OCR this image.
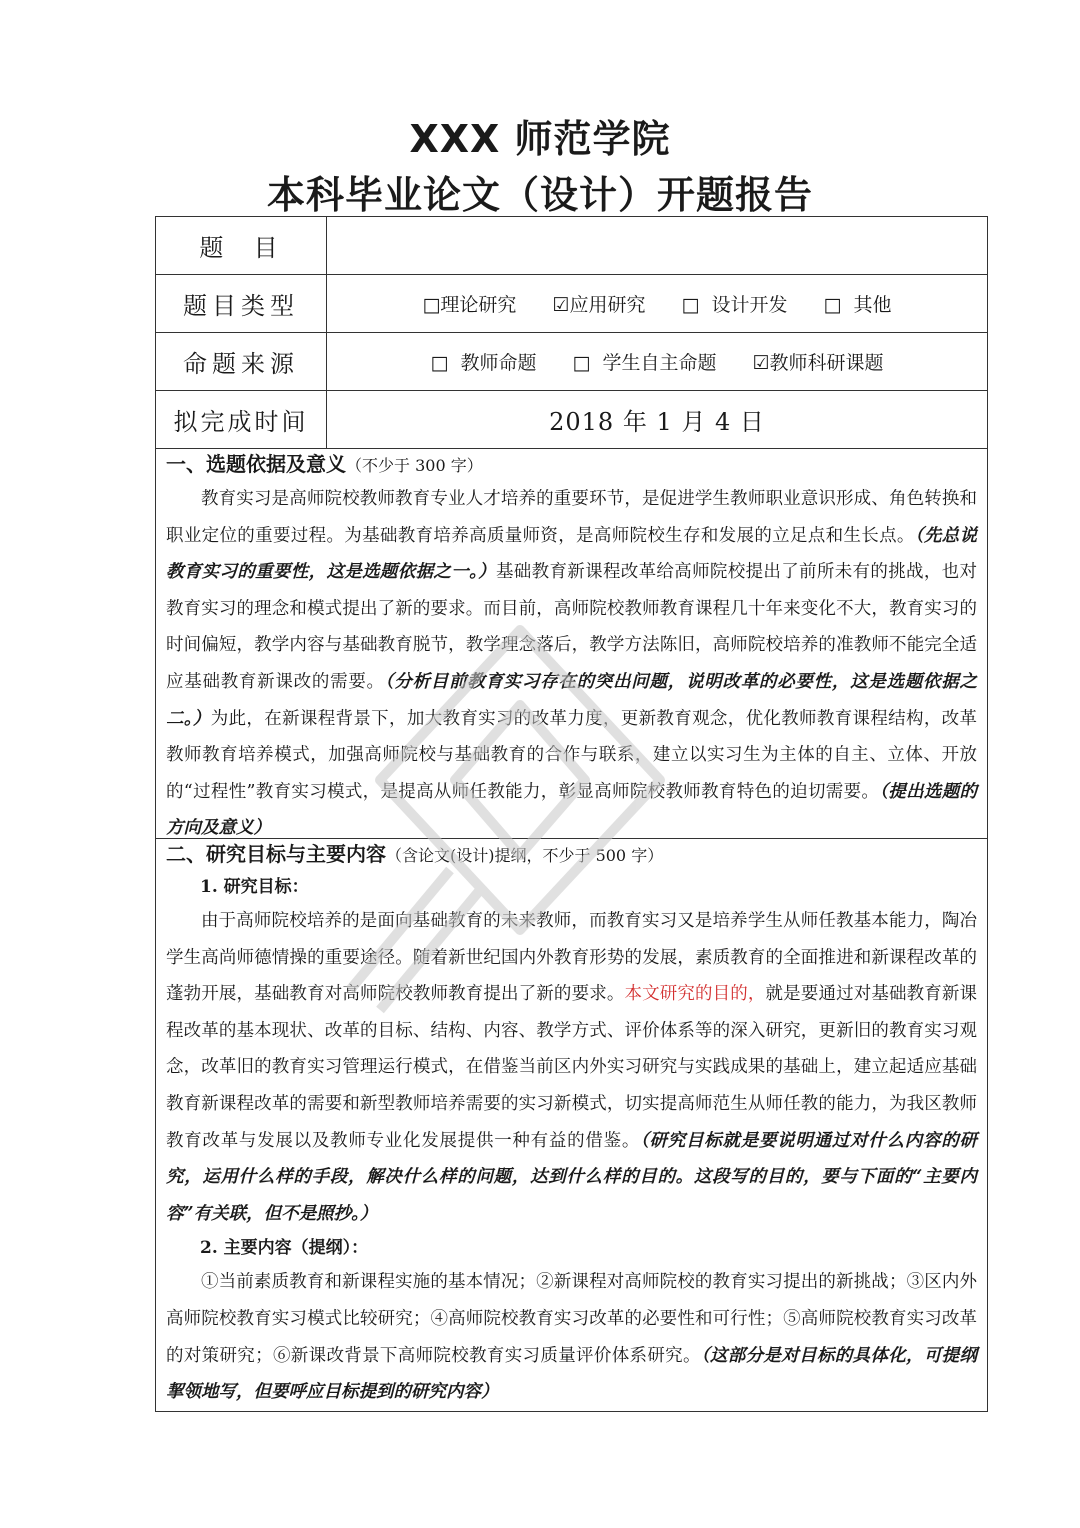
XXX 师范学院
本科毕业论文（设计）开题报告
题  目
题目类型	□理论研究 ☑应用研究 □  设计开发 □  其他
命题来源	□  教师命题 □  学生自主命题 ☑教师科研课题
拟完成时间	2018 年 1 月 4 日
一、选题依据及意义（不少于 300 字）

教育实习是高师院校教师教育专业人才培养的重要环节，是促进学生教师职业意识形成、角色转换和职业定位的重要过程。为基础教育培养高质量师资，是高师院校生存和发展的立足点和生长点。（先总说教育实习的重要性，这是选题依据之一。）基础教育新课程改革给高师院校提出了前所未有的挑战，也对教育实习的理念和模式提出了新的要求。而目前，高师院校教师教育课程几十年来变化不大，教育实习的时间偏短，教学内容与基础教育脱节，教学理念落后，教学方法陈旧，高师院校培养的准教师不能完全适应基础教育新课改的需要。（分析目前教育实习存在的突出问题，说明改革的必要性，这是选题依据之二。）为此，在新课程背景下，加大教育实习的改革力度，更新教育观念，优化教师教育课程结构，改革教师教育培养模式，加强高师院校与基础教育的合作与联系，建立以实习生为主体的自主、立体、开放的“过程性”教育实习模式，是提高从师任教能力，彰显高师院校教师教育特色的迫切需要。（提出选题的方向及意义）

二、研究目标与主要内容（含论文(设计)提纲，不少于 500 字）
1. 研究目标：

由于高师院校培养的是面向基础教育的未来教师，而教育实习又是培养学生从师任教基本能力，陶冶学生高尚师德情操的重要途径。随着新世纪国内外教育形势的发展，素质教育的全面推进和新课程改革的蓬勃开展，基础教育对高师院校教师教育提出了新的要求。本文研究的目的，就是要通过对基础教育新课程改革的基本现状、改革的目标、结构、内容、教学方式、评价体系等的深入研究，更新旧的教育实习观念，改革旧的教育实习管理运行模式，在借鉴当前区内外实习研究与实践成果的基础上，建立起适应基础教育新课程改革的需要和新型教师培养需要的实习新模式，切实提高师范生从师任教的能力，为我区教师教育改革与发展以及教师专业化发展提供一种有益的借鉴。（研究目标就是要说明通过对什么内容的研究，运用什么样的手段，解决什么样的问题，达到什么样的目的。这段写的目的，要与下面的“主要内容”有关联，但不是照抄。）

2. 主要内容（提纲）：

①当前素质教育和新课程实施的基本情况；②新课程对高师院校的教育实习提出的新挑战；③区内外高师院校教育实习模式比较研究；④高师院校教育实习改革的必要性和可行性；⑤高师院校教育实习改革的对策研究；⑥新课改背景下高师院校教育实习质量评价体系研究。（这部分是对目标的具体化，可提纲挈领地写，但要呼应目标提到的研究内容）
